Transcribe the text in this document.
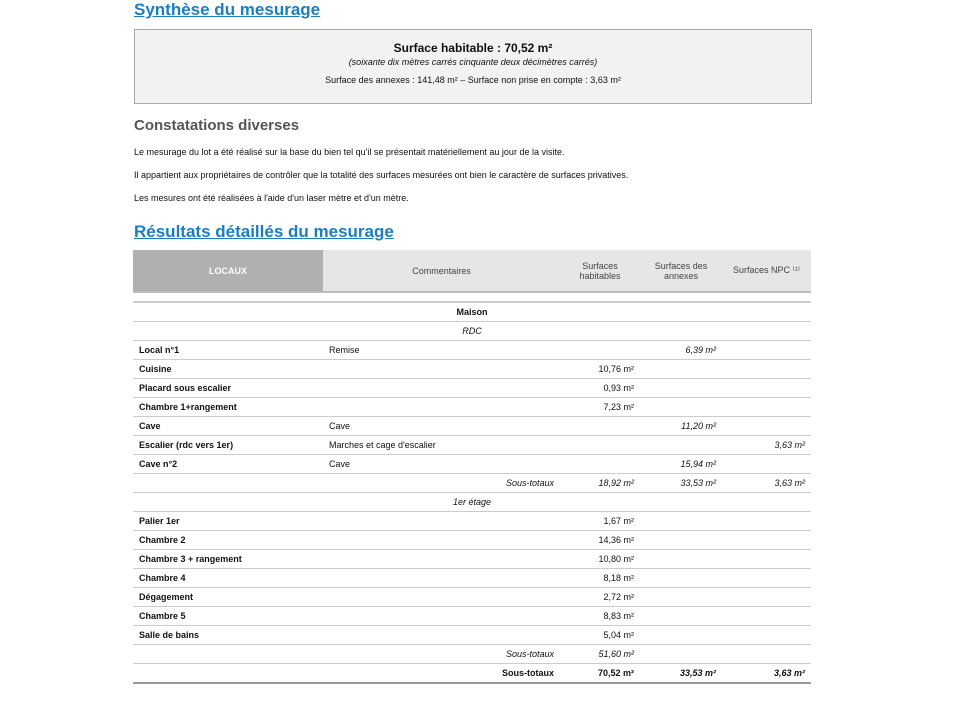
Synthèse du mesurage
Surface habitable : 70,52 m²
(soixante dix mètres carrés cinquante deux décimètres carrés)
Surface des annexes : 141,48 m² – Surface non prise en compte : 3,63 m²
Constatations diverses
Le mesurage du lot a été réalisé sur la base du bien tel qu'il se présentait matériellement au jour de la visite.
Il appartient aux propriétaires de contrôler que la totalité des surfaces mesurées ont bien le caractère de surfaces privatives.
Les mesures ont été réalisées à l'aide d'un laser mètre et d'un mètre.
Résultats détaillés du mesurage
LOCAUX	Commentaires	Surfaces habitables	Surfaces des annexes	Surfaces NPC ⁽¹⁾

Maison				
RDC				
Local n°1	Remise		6,39 m²	
Cuisine		10,76 m²		
Placard sous escalier		0,93 m²		
Chambre 1+rangement		7,23 m²		
Cave	Cave		11,20 m²	
Escalier (rdc vers 1er)	Marches et cage d'escalier			3,63 m²
Cave n°2	Cave		15,94 m²	
	Sous-totaux	18,92 m²	33,53 m²	3,63 m²
1er étage				
Palier 1er		1,67 m²		
Chambre 2		14,36 m²		
Chambre 3 + rangement		10,80 m²		
Chambre 4		8,18 m²		
Dégagement		2,72 m²		
Chambre 5		8,83 m²		
Salle de bains		5,04 m²		
	Sous-totaux	51,60 m²		
	Sous-totaux	70,52 m²	33,53 m²	3,63 m²
